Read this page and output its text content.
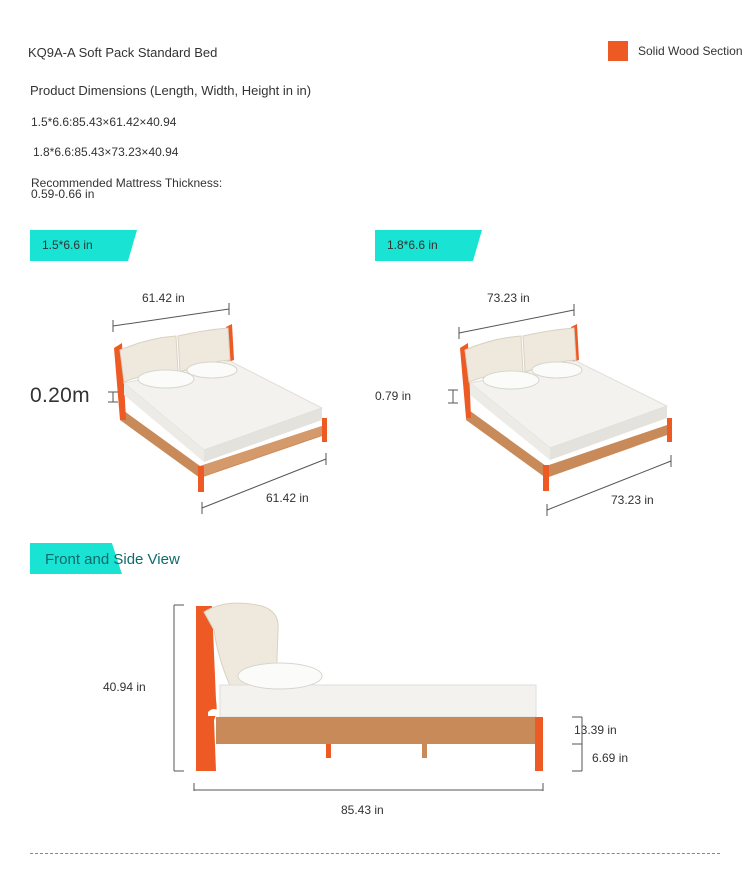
KQ9A-A Soft Pack Standard Bed	Solid Wood Section
Product Dimensions (Length, Width, Height in in)
1.5*6.6:85.43×61.42×40.94
1.8*6.6:85.43×73.23×40.94
Recommended Mattress Thickness:
0.59-0.66 in
1.5*6.6 in	1.8*6.6 in
61.42 in
61.42 in
0.20m
73.23 in
73.23 in
0.79 in
Front and Side View
40.94 in
13.39 in
6.69 in
85.43 in
